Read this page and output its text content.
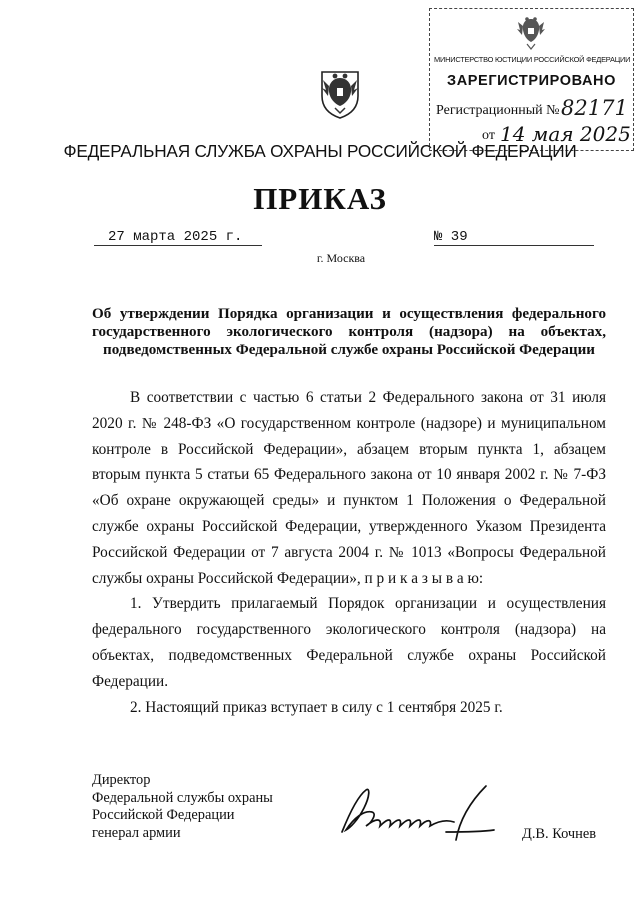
МИНИСТЕРСТВО ЮСТИЦИИ РОССИЙСКОЙ ФЕДЕРАЦИИ
ЗАРЕГИСТРИРОВАНО
Регистрационный № 82171
от 14 мая 2025
ФЕДЕРАЛЬНАЯ СЛУЖБА ОХРАНЫ РОССИЙСКОЙ ФЕДЕРАЦИИ
ПРИКАЗ
27 марта 2025 г.	№ 39
г. Москва
Об утверждении Порядка организации и осуществления федерального государственного экологического контроля (надзора) на объектах, подведомственных Федеральной службе охраны Российской Федерации

В соответствии с частью 6 статьи 2 Федерального закона от 31 июля 2020 г. № 248-ФЗ «О государственном контроле (надзоре) и муниципальном контроле в Российской Федерации», абзацем вторым пункта 1, абзацем вторым пункта 5 статьи 65 Федерального закона от 10 января 2002 г. № 7-ФЗ «Об охране окружающей среды» и пунктом 1 Положения о Федеральной службе охраны Российской Федерации, утвержденного Указом Президента Российской Федерации от 7 августа 2004 г. № 1013 «Вопросы Федеральной службы охраны Российской Федерации», п р и к а з ы в а ю:

1. Утвердить прилагаемый Порядок организации и осуществления федерального государственного экологического контроля (надзора) на объектах, подведомственных Федеральной службе охраны Российской Федерации.

2. Настоящий приказ вступает в силу с 1 сентября 2025 г.

Директор
Федеральной службы охраны
Российской Федерации
генерал армии	Д.В. Кочнев
